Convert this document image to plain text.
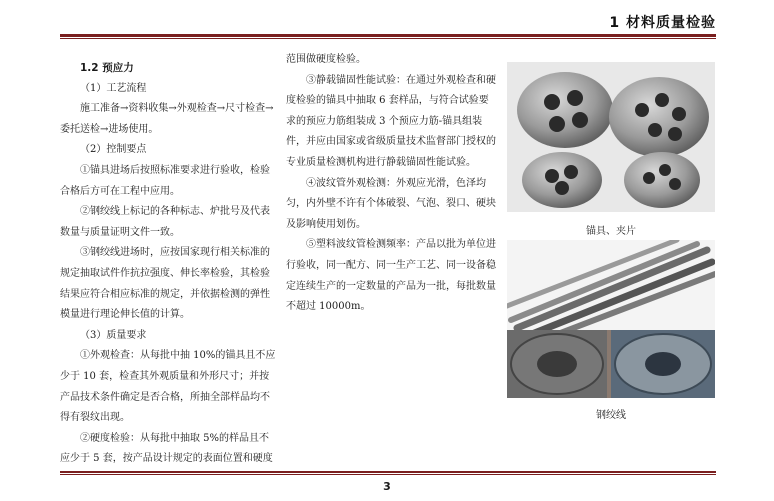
1 材料质量检验

1.2 预应力

（1）工艺流程

施工准备→资料收集→外观检查→尺寸检查→委托送检→进场使用。

（2）控制要点

①锚具进场后按照标准要求进行验收，检验合格后方可在工程中应用。

②钢绞线上标记的各种标志、炉批号及代表数量与质量证明文件一致。

③钢绞线进场时，应按国家现行相关标准的规定抽取试件作抗拉强度、伸长率检验，其检验结果应符合相应标准的规定，并依据检测的弹性模量进行理论伸长值的计算。

（3）质量要求

①外观检查：从每批中抽 10%的锚具且不应少于 10 套，检查其外观质量和外形尺寸；并按产品技术条件确定是否合格，所抽全部样品均不得有裂纹出现。

②硬度检验：从每批中抽取 5%的样品且不应少于 5 套，按产品设计规定的表面位置和硬度

范围做硬度检验。

③静载锚固性能试验：在通过外观检查和硬度检验的锚具中抽取 6 套样品，与符合试验要求的预应力筋组装成 3 个预应力筋-锚具组装件，并应由国家或省级质量技术监督部门授权的专业质量检测机构进行静载锚固性能试验。

④波纹管外观检测：外观应光滑，色泽均匀，内外壁不许有个体破裂、气泡、裂口、硬块及影响使用划伤。

⑤塑料波纹管检测频率：产品以批为单位进行验收，同一配方、同一生产工艺、同一设备稳定连续生产的一定数量的产品为一批，每批数量不超过 10000m。

锚具、夹片
钢绞线
3
